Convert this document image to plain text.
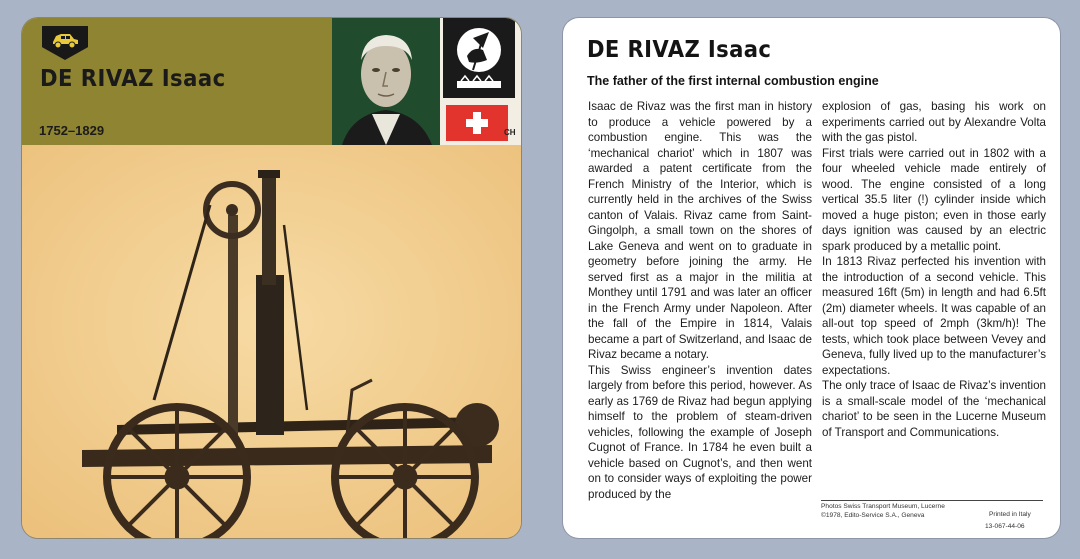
DE RIVAZ Isaac
1752–1829	CH
DE RIVAZ Isaac
The father of the first internal combustion engine

Isaac de Rivaz was the first man in history to produce a vehicle powered by a combustion engine. This was the ‘mechanical chariot’ which in 1807 was awarded a patent certificate from the French Ministry of the Interior, which is currently held in the archives of the Swiss canton of Valais. Rivaz came from Saint-Gingolph, a small town on the shores of Lake Geneva and went on to graduate in geometry before joining the army. He served first as a major in the militia at Monthey until 1791 and was later an officer in the French Army under Napoleon. After the fall of the Empire in 1814, Valais became a part of Switzerland, and Isaac de Rivaz became a notary.

This Swiss engineer’s invention dates largely from before this period, however. As early as 1769 de Rivaz had begun applying himself to the problem of steam-driven vehicles, following the example of Joseph Cugnot of France. In 1784 he even built a vehicle based on Cugnot’s, and then went on to consider ways of exploiting the power produced by the

explosion of gas, basing his work on experiments carried out by Alexandre Volta with the gas pistol.

First trials were carried out in 1802 with a four wheeled vehicle made entirely of wood. The engine consisted of a long vertical 35.5 liter (!) cylinder inside which moved a huge piston; even in those early days ignition was caused by an electric spark produced by a metallic point.

In 1813 Rivaz perfected his invention with the introduction of a second vehicle. This measured 16ft (5m) in length and had 6.5ft (2m) diameter wheels. It was capable of an all-out top speed of 2mph (3km/h)! The tests, which took place between Vevey and Geneva, fully lived up to the manufacturer’s expectations.

The only trace of Isaac de Rivaz’s invention is a small-scale model of the ‘mechanical chariot’ to be seen in the Lucerne Museum of Transport and Communications.

Photos Swiss Transport Museum, Lucerne
©1978, Edito-Service S.A., Geneva	Printed in Italy
13-067-44-06
